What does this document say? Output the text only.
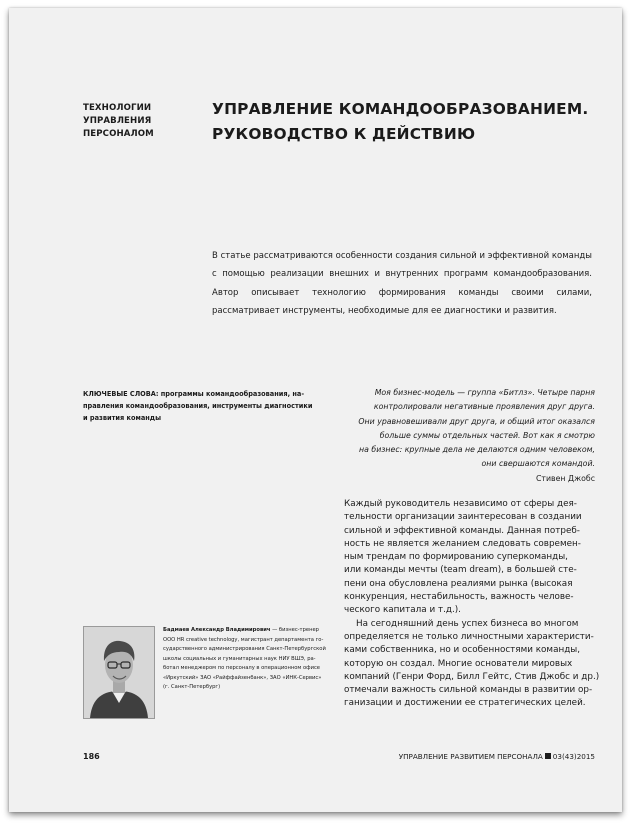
ТЕХНОЛОГИИ
УПРАВЛЕНИЯ
ПЕРСОНАЛОМ
УПРАВЛЕНИЕ КОМАНДООБРАЗОВАНИЕМ.
РУКОВОДСТВО К ДЕЙСТВИЮ
В статье рассматриваются особенности создания сильной и эффективной команды с помощью реализации внешних и внутренних программ командообразования. Автор описывает технологию формирования команды своими силами, рассматривает инструменты, необходимые для ее диагностики и развития.
КЛЮЧЕВЫЕ СЛОВА: программы командообразования, на-
правления командообразования, инструменты диагностики
и развития команды
Моя бизнес-модель — группа «Битлз». Четыре парня
контролировали негативные проявления друг друга.
Они уравновешивали друг друга, и общий итог оказался
больше суммы отдельных частей. Вот как я смотрю
на бизнес: крупные дела не делаются одним человеком,
они свершаются командой.
Стивен Джобс
Каждый руководитель независимо от сферы дея-
тельности организации заинтересован в создании
сильной и эффективной команды. Данная потреб-
ность не является желанием следовать современ-
ным трендам по формированию суперкоманды,
или команды мечты (team dream), в большей сте-
пени она обусловлена реалиями рынка (высокая
конкуренция, нестабильность, важность челове-
ческого капитала и т.д.).
На сегодняшний день успех бизнеса во многом
определяется не только личностными характеристи-
ками собственника, но и особенностями команды,
которую он создал. Многие основатели мировых
компаний (Генри Форд, Билл Гейтс, Стив Джобс и др.)
отмечали важность сильной команды в развитии ор-
ганизации и достижении ее стратегических целей.
Бадмаев Александр Владимирович — бизнес-тренер
ООО HR creative technology, магистрант департамента го-
сударственного администрирования Санкт-Петербургской
школы социальных и гуманитарных наук НИУ ВШЭ, ра-
ботал менеджером по персоналу в операционном офисе
«Иркутский» ЗАО «Райффайзенбанк», ЗАО «ИНК-Сервис»
(г. Санкт-Петербург)
186	УПРАВЛЕНИЕ РАЗВИТИЕМ ПЕРСОНАЛА 03(43)2015
